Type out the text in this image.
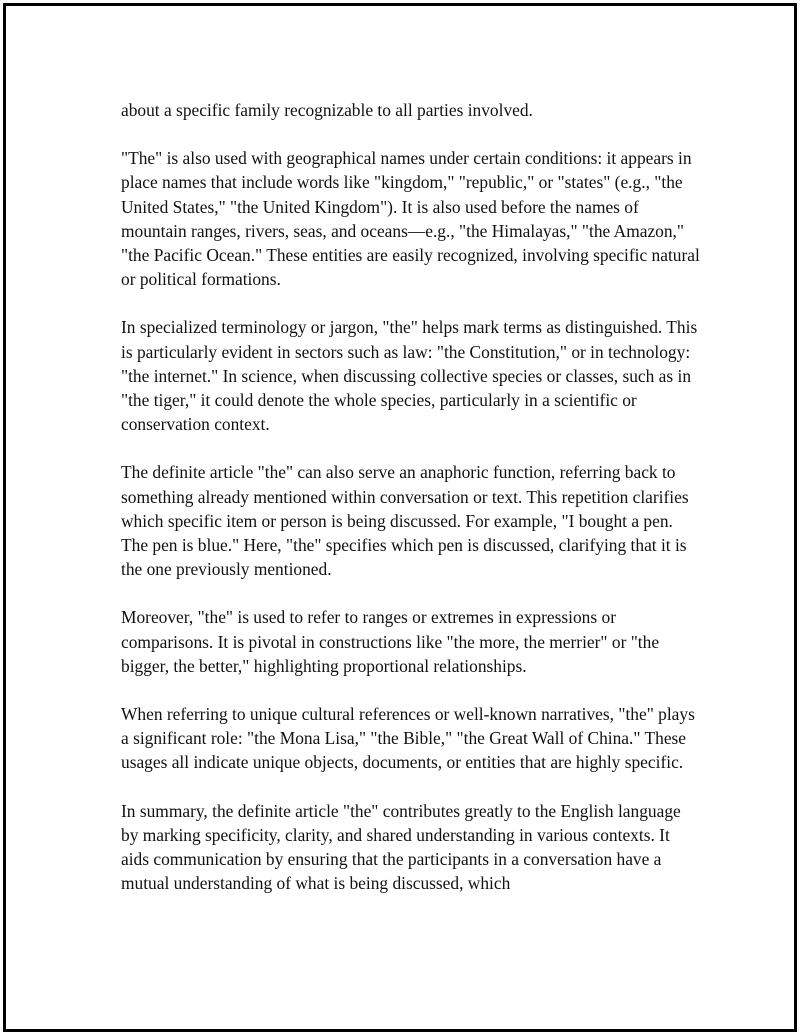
about a specific family recognizable to all parties involved.

"The" is also used with geographical names under certain conditions: it appears in place names that include words like "kingdom," "republic," or "states" (e.g., "the United States," "the United Kingdom"). It is also used before the names of mountain ranges, rivers, seas, and oceans—e.g., "the Himalayas," "the Amazon," "the Pacific Ocean." These entities are easily recognized, involving specific natural or political formations.

In specialized terminology or jargon, "the" helps mark terms as distinguished. This is particularly evident in sectors such as law: "the Constitution," or in technology: "the internet." In science, when discussing collective species or classes, such as in "the tiger," it could denote the whole species, particularly in a scientific or conservation context.

The definite article "the" can also serve an anaphoric function, referring back to something already mentioned within conversation or text. This repetition clarifies which specific item or person is being discussed. For example, "I bought a pen. The pen is blue." Here, "the" specifies which pen is discussed, clarifying that it is the one previously mentioned.

Moreover, "the" is used to refer to ranges or extremes in expressions or comparisons. It is pivotal in constructions like "the more, the merrier" or "the bigger, the better," highlighting proportional relationships.

When referring to unique cultural references or well-known narratives, "the" plays a significant role: "the Mona Lisa," "the Bible," "the Great Wall of China." These usages all indicate unique objects, documents, or entities that are highly specific.

In summary, the definite article "the" contributes greatly to the English language by marking specificity, clarity, and shared understanding in various contexts. It aids communication by ensuring that the participants in a conversation have a mutual understanding of what is being discussed, which
